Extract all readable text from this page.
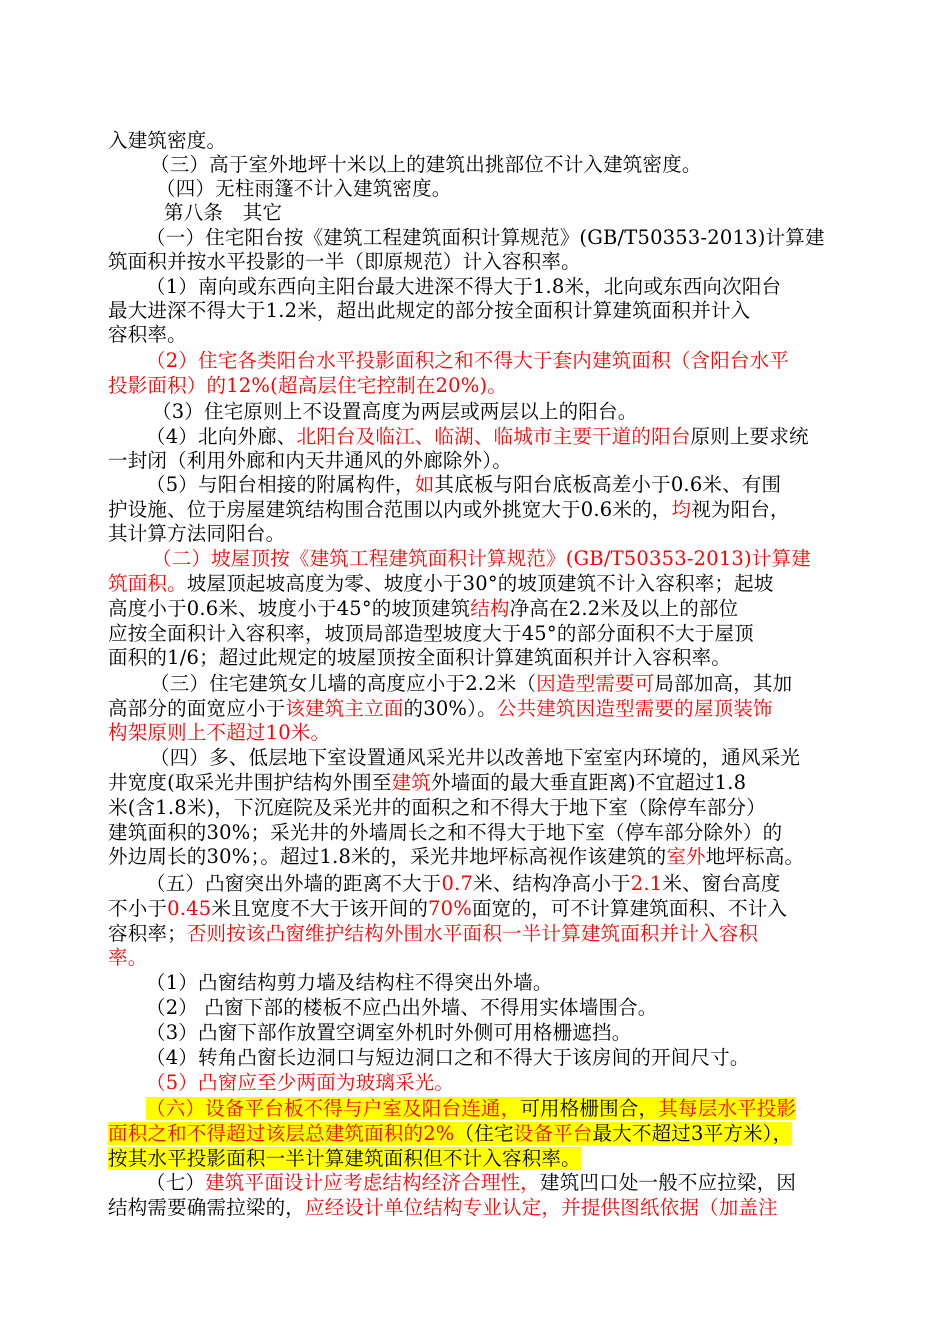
入建筑密度。
（三）高于室外地坪十米以上的建筑出挑部位不计入建筑密度。
（四）无柱雨篷不计入建筑密度。
第八条　其它
（一）住宅阳台按《建筑工程建筑面积计算规范》(GB/T50353-2013)计算建
筑面积并按水平投影的一半（即原规范）计入容积率。
（1）南向或东西向主阳台最大进深不得大于1.8米，北向或东西向次阳台
最大进深不得大于1.2米，超出此规定的部分按全面积计算建筑面积并计入
容积率。
（2）住宅各类阳台水平投影面积之和不得大于套内建筑面积（含阳台水平
投影面积）的12%(超高层住宅控制在20%)。
（3）住宅原则上不设置高度为两层或两层以上的阳台。
（4）北向外廊、北阳台及临江、临湖、临城市主要干道的阳台原则上要求统
一封闭（利用外廊和内天井通风的外廊除外）。
（5）与阳台相接的附属构件，如其底板与阳台底板高差小于0.6米、有围
护设施、位于房屋建筑结构围合范围以内或外挑宽大于0.6米的，均视为阳台，
其计算方法同阳台。
（二）坡屋顶按《建筑工程建筑面积计算规范》(GB/T50353-2013)计算建
筑面积。坡屋顶起坡高度为零、坡度小于30°的坡顶建筑不计入容积率；起坡
高度小于0.6米、坡度小于45°的坡顶建筑结构净高在2.2米及以上的部位
应按全面积计入容积率，坡顶局部造型坡度大于45°的部分面积不大于屋顶
面积的1/6；超过此规定的坡屋顶按全面积计算建筑面积并计入容积率。
（三）住宅建筑女儿墙的高度应小于2.2米（因造型需要可局部加高，其加
高部分的面宽应小于该建筑主立面的30%）。公共建筑因造型需要的屋顶装饰
构架原则上不超过10米。
（四）多、低层地下室设置通风采光井以改善地下室室内环境的，通风采光
井宽度(取采光井围护结构外围至建筑外墙面的最大垂直距离)不宜超过1.8
米(含1.8米)，下沉庭院及采光井的面积之和不得大于地下室（除停车部分）
建筑面积的30%；采光井的外墙周长之和不得大于地下室（停车部分除外）的
外边周长的30%；。超过1.8米的，采光井地坪标高视作该建筑的室外地坪标高。
（五）凸窗突出外墙的距离不大于0.7米、结构净高小于2.1米、窗台高度
不小于0.45米且宽度不大于该开间的70%面宽的，可不计算建筑面积、不计入
容积率；否则按该凸窗维护结构外围水平面积一半计算建筑面积并计入容积
率。
（1）凸窗结构剪力墙及结构柱不得突出外墙。
（2） 凸窗下部的楼板不应凸出外墙、不得用实体墙围合。
（3）凸窗下部作放置空调室外机时外侧可用格栅遮挡。
（4）转角凸窗长边洞口与短边洞口之和不得大于该房间的开间尺寸。
（5）凸窗应至少两面为玻璃采光。
（六）设备平台板不得与户室及阳台连通，可用格栅围合，其每层水平投影
面积之和不得超过该层总建筑面积的2%（住宅设备平台最大不超过3平方米），
按其水平投影面积一半计算建筑面积但不计入容积率。
（七）建筑平面设计应考虑结构经济合理性，建筑凹口处一般不应拉梁，因
结构需要确需拉梁的，应经设计单位结构专业认定，并提供图纸依据（加盖注
